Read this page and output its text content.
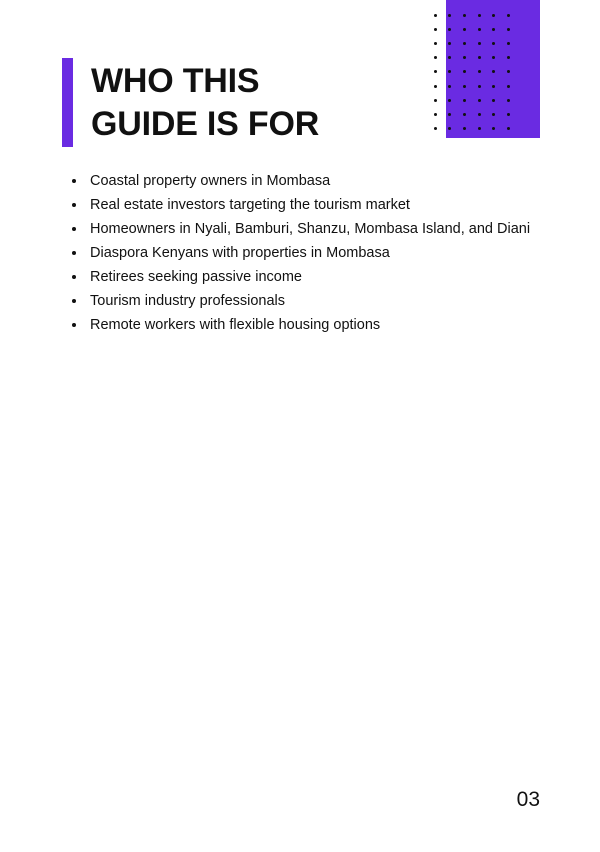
WHO THIS
GUIDE IS FOR
Coastal property owners in Mombasa
Real estate investors targeting the tourism market
Homeowners in Nyali, Bamburi, Shanzu, Mombasa Island, and Diani
Diaspora Kenyans with properties in Mombasa
Retirees seeking passive income
Tourism industry professionals
Remote workers with flexible housing options
03
